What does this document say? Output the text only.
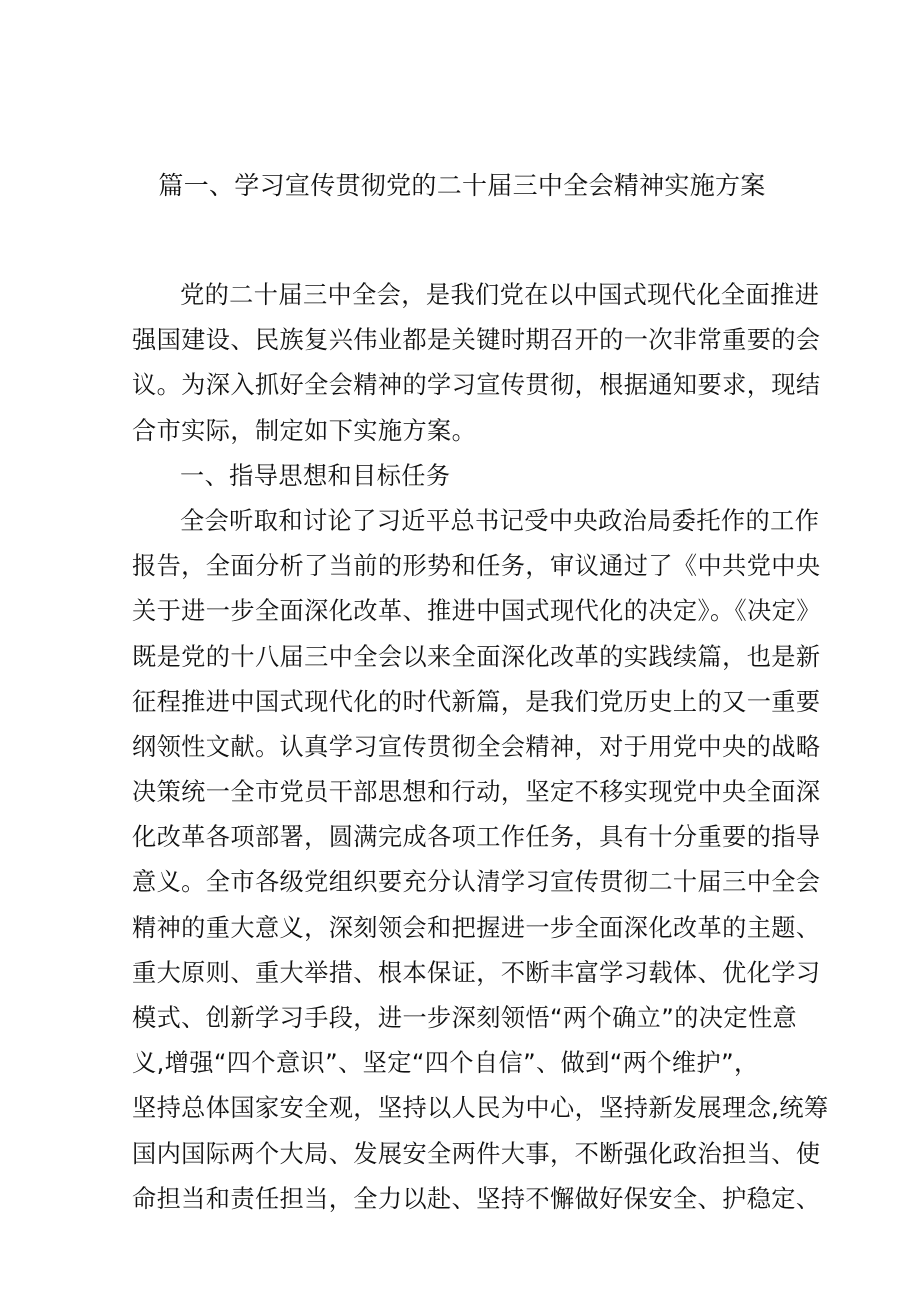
篇一、学习宣传贯彻党的二十届三中全会精神实施方案
党的二十届三中全会，是我们党在以中国式现代化全面推进
强国建设、民族复兴伟业都是关键时期召开的一次非常重要的会
议。为深入抓好全会精神的学习宣传贯彻，根据通知要求，现结
合市实际，制定如下实施方案。
一、指导思想和目标任务
全会听取和讨论了习近平总书记受中央政治局委托作的工作
报告，全面分析了当前的形势和任务，审议通过了《中共党中央
关于进一步全面深化改革、推进中国式现代化的决定》。《决定》
既是党的十八届三中全会以来全面深化改革的实践续篇，也是新
征程推进中国式现代化的时代新篇，是我们党历史上的又一重要
纲领性文献。认真学习宣传贯彻全会精神，对于用党中央的战略
决策统一全市党员干部思想和行动，坚定不移实现党中央全面深
化改革各项部署，圆满完成各项工作任务，具有十分重要的指导
意义。全市各级党组织要充分认清学习宣传贯彻二十届三中全会
精神的重大意义，深刻领会和把握进一步全面深化改革的主题、
重大原则、重大举措、根本保证，不断丰富学习载体、优化学习
模式、创新学习手段，进一步深刻领悟“两个确立”的决定性意
义,增强“四个意识”、坚定“四个自信”、做到“两个维护”，
坚持总体国家安全观，坚持以人民为中心，坚持新发展理念,统筹
国内国际两个大局、发展安全两件大事，不断强化政治担当、使
命担当和责任担当，全力以赴、坚持不懈做好保安全、护稳定、
